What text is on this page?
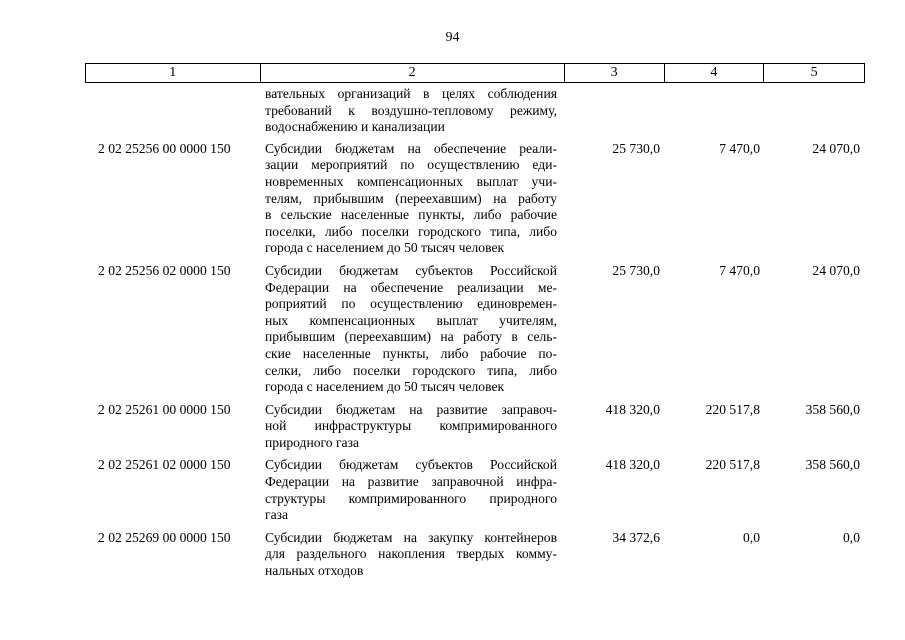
94
1	2	3	4	5
вательных организаций в целях соблюдения
требований к воздушно-тепловому режиму,
водоснабжению и канализации
2 02 25256 00 0000 150	Субсидии бюджетам на обеспечение реали-
зации мероприятий по осуществлению еди-
новременных компенсационных выплат учи-
телям, прибывшим (переехавшим) на работу
в сельские населенные пункты, либо рабочие
поселки, либо поселки городского типа, либо
города с населением до 50 тысяч человек
25 730,0	7 470,0	24 070,0
2 02 25256 02 0000 150	Субсидии бюджетам субъектов Российской
Федерации на обеспечение реализации ме-
роприятий по осуществлению единовремен-
ных компенсационных выплат учителям,
прибывшим (переехавшим) на работу в сель-
ские населенные пункты, либо рабочие по-
селки, либо поселки городского типа, либо
города с населением до 50 тысяч человек
25 730,0	7 470,0	24 070,0
2 02 25261 00 0000 150	Субсидии бюджетам на развитие заправоч-
ной инфраструктуры компримированного
природного газа
418 320,0	220 517,8	358 560,0
2 02 25261 02 0000 150	Субсидии бюджетам субъектов Российской
Федерации на развитие заправочной инфра-
структуры компримированного природного
газа
418 320,0	220 517,8	358 560,0
2 02 25269 00 0000 150	Субсидии бюджетам на закупку контейнеров
для раздельного накопления твердых комму-
нальных отходов
34 372,6	0,0	0,0
